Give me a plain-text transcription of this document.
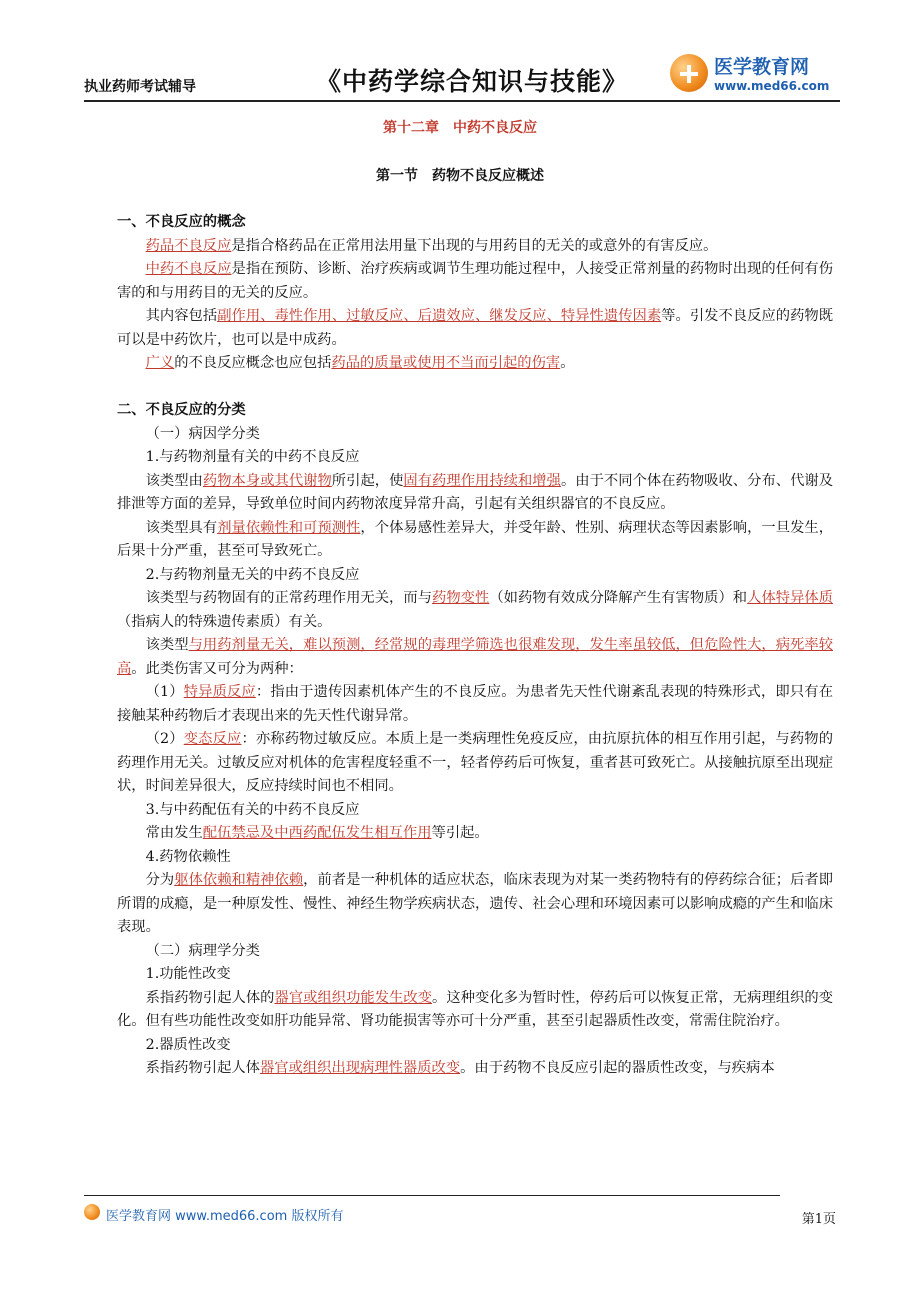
执业药师考试辅导	《中药学综合知识与技能》	医学教育网
www.med66.com
第十二章　中药不良反应
第一节　药物不良反应概述

一、不良反应的概念

药品不良反应是指合格药品在正常用法用量下出现的与用药目的无关的或意外的有害反应。

中药不良反应是指在预防、诊断、治疗疾病或调节生理功能过程中，人接受正常剂量的药物时出现的任何有伤害的和与用药目的无关的反应。

其内容包括副作用、毒性作用、过敏反应、后遗效应、继发反应、特异性遗传因素等。引发不良反应的药物既可以是中药饮片，也可以是中成药。

广义的不良反应概念也应包括药品的质量或使用不当而引起的伤害。

二、不良反应的分类

（一）病因学分类

1.与药物剂量有关的中药不良反应

该类型由药物本身或其代谢物所引起，使固有药理作用持续和增强。由于不同个体在药物吸收、分布、代谢及排泄等方面的差异，导致单位时间内药物浓度异常升高，引起有关组织器官的不良反应。

该类型具有剂量依赖性和可预测性，个体易感性差异大，并受年龄、性别、病理状态等因素影响，一旦发生，后果十分严重，甚至可导致死亡。

2.与药物剂量无关的中药不良反应

该类型与药物固有的正常药理作用无关，而与药物变性（如药物有效成分降解产生有害物质）和人体特异体质（指病人的特殊遗传素质）有关。

该类型与用药剂量无关，难以预测，经常规的毒理学筛选也很难发现，发生率虽较低，但危险性大，病死率较高。此类伤害又可分为两种：

（1）特异质反应：指由于遗传因素机体产生的不良反应。为患者先天性代谢紊乱表现的特殊形式，即只有在接触某种药物后才表现出来的先天性代谢异常。

（2）变态反应：亦称药物过敏反应。本质上是一类病理性免疫反应，由抗原抗体的相互作用引起，与药物的药理作用无关。过敏反应对机体的危害程度轻重不一，轻者停药后可恢复，重者甚可致死亡。从接触抗原至出现症状，时间差异很大，反应持续时间也不相同。

3.与中药配伍有关的中药不良反应

常由发生配伍禁忌及中西药配伍发生相互作用等引起。

4.药物依赖性

分为躯体依赖和精神依赖，前者是一种机体的适应状态，临床表现为对某一类药物特有的停药综合征；后者即所谓的成瘾，是一种原发性、慢性、神经生物学疾病状态，遗传、社会心理和环境因素可以影响成瘾的产生和临床表现。

（二）病理学分类

1.功能性改变

系指药物引起人体的器官或组织功能发生改变。这种变化多为暂时性，停药后可以恢复正常，无病理组织的变化。但有些功能性改变如肝功能异常、肾功能损害等亦可十分严重，甚至引起器质性改变，常需住院治疗。

2.器质性改变

系指药物引起人体器官或组织出现病理性器质改变。由于药物不良反应引起的器质性改变，与疾病本

医学教育网 www.med66.com 版权所有	第1页
